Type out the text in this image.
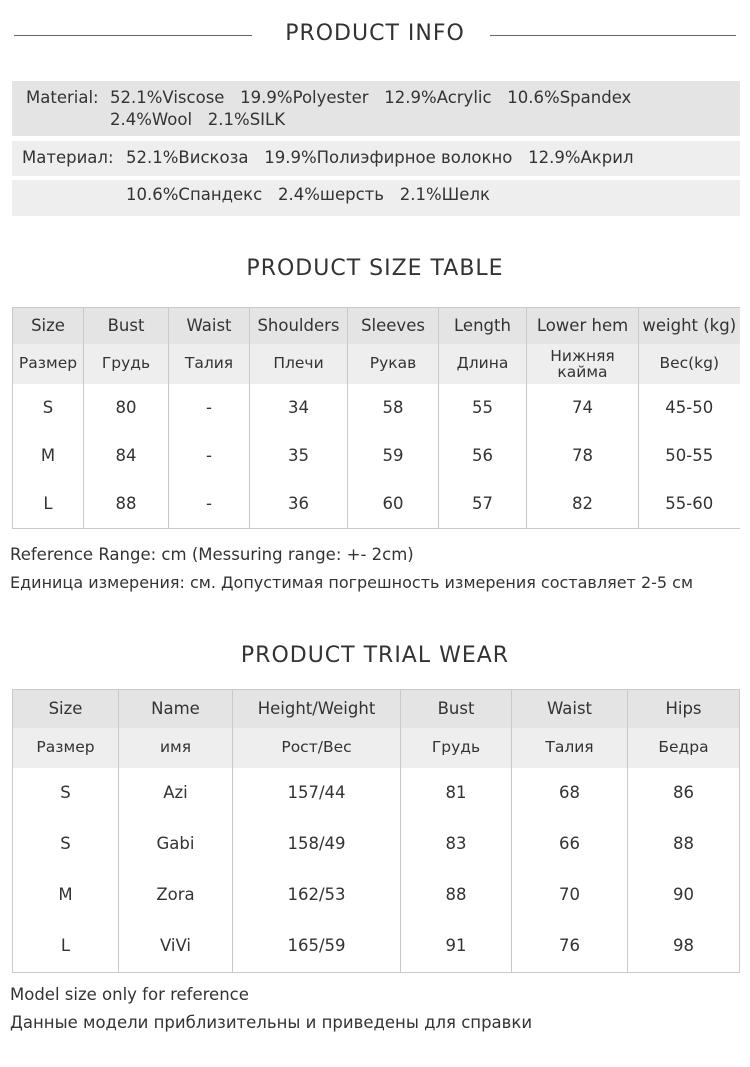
PRODUCT INFO
Material: 52.1%Viscose   19.9%Polyester   12.9%Acrylic   10.6%Spandex
2.4%Wool   2.1%SILK
Материал: 52.1%Вискоза   19.9%Полиэфирное волокно   12.9%Акрил
10.6%Спандекс   2.4%шерсть   2.1%Шелк
PRODUCT SIZE TABLE
Size	Bust	Waist	Shoulders	Sleeves	Length	Lower hem	weight (kg)
Размер	Грудь	Талия	Плечи	Рукав	Длина	Нижняя кайма	Вес(kg)
S	80	-	34	58	55	74	45-50
M	84	-	35	59	56	78	50-55
L	88	-	36	60	57	82	55-60
Reference Range: cm (Messuring range: +- 2cm)
Единица измерения: см. Допустимая погрешность измерения составляет 2-5 см
PRODUCT TRIAL WEAR
Size	Name	Height/Weight	Bust	Waist	Hips
Размер	имя	Рост/Вес	Грудь	Талия	Бедра
S	Azi	157/44	81	68	86
S	Gabi	158/49	83	66	88
M	Zora	162/53	88	70	90
L	ViVi	165/59	91	76	98
Model size only for reference
Данные модели приблизительны и приведены для справки
